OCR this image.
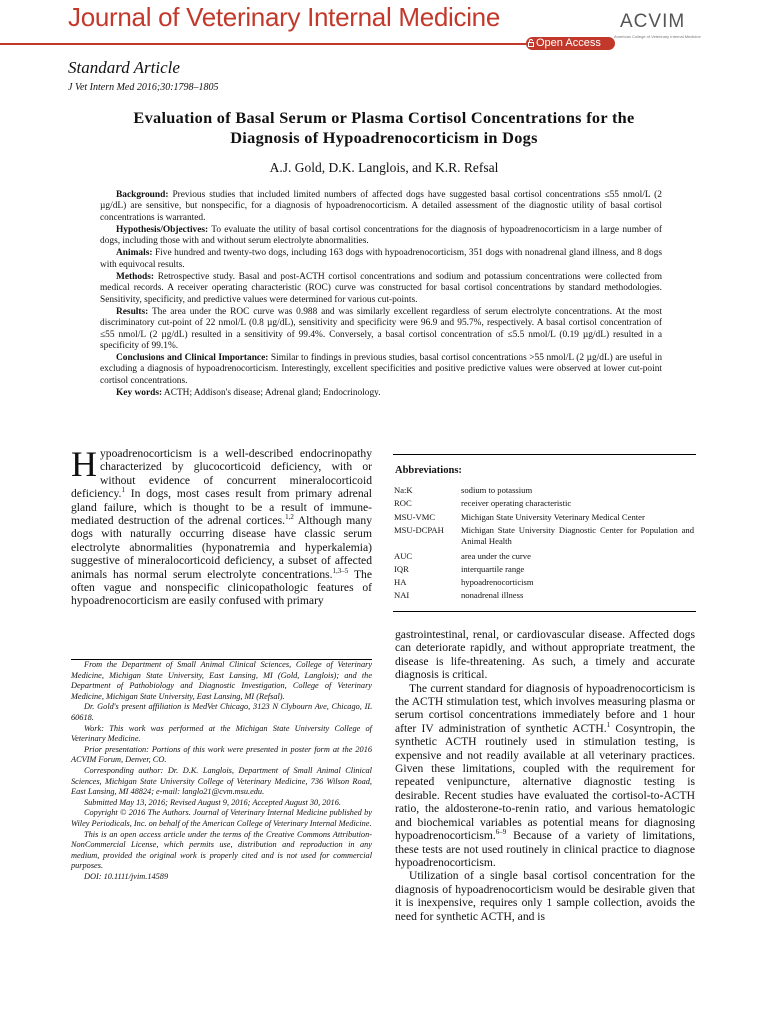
Journal of Veterinary Internal Medicine	ACVIM
American College of Veterinary Internal Medicine
Open Access
Standard Article
J Vet Intern Med 2016;30:1798–1805
Evaluation of Basal Serum or Plasma Cortisol Concentrations for the
Diagnosis of Hypoadrenocorticism in Dogs
A.J. Gold, D.K. Langlois, and K.R. Refsal

Background: Previous studies that included limited numbers of affected dogs have suggested basal cortisol concentrations ≤55 nmol/L (2 µg/dL) are sensitive, but nonspecific, for a diagnosis of hypoadrenocorticism. A detailed assessment of the diagnostic utility of basal cortisol concentrations is warranted.

Hypothesis/Objectives: To evaluate the utility of basal cortisol concentrations for the diagnosis of hypoadrenocorticism in a large number of dogs, including those with and without serum electrolyte abnormalities.

Animals: Five hundred and twenty-two dogs, including 163 dogs with hypoadrenocorticism, 351 dogs with nonadrenal gland illness, and 8 dogs with equivocal results.

Methods: Retrospective study. Basal and post-ACTH cortisol concentrations and sodium and potassium concentrations were collected from medical records. A receiver operating characteristic (ROC) curve was constructed for basal cortisol concentrations by standard methodologies. Sensitivity, specificity, and predictive values were determined for various cut-points.

Results: The area under the ROC curve was 0.988 and was similarly excellent regardless of serum electrolyte concentrations. At the most discriminatory cut-point of 22 nmol/L (0.8 µg/dL), sensitivity and specificity were 96.9 and 95.7%, respectively. A basal cortisol concentration of ≤55 nmol/L (2 µg/dL) resulted in a sensitivity of 99.4%. Conversely, a basal cortisol concentration of ≤5.5 nmol/L (0.19 µg/dL) resulted in a specificity of 99.1%.

Conclusions and Clinical Importance: Similar to findings in previous studies, basal cortisol concentrations >55 nmol/L (2 µg/dL) are useful in excluding a diagnosis of hypoadrenocorticism. Interestingly, excellent specificities and positive predictive values were observed at lower cut-point cortisol concentrations.

Key words: ACTH; Addison's disease; Adrenal gland; Endocrinology.

Hypoadrenocorticism is a well-described endocrinopathy characterized by glucocorticoid deficiency, with or without evidence of concurrent mineralocorticoid deficiency.$^1$ In dogs, most cases result from primary adrenal gland failure, which is thought to be a result of immune-mediated destruction of the adrenal cortices.$^{1,2}$ Although many dogs with naturally occurring disease have classic serum electrolyte abnormalities (hyponatremia and hyperkalemia) suggestive of mineralocorticoid deficiency, a subset of affected animals has normal serum electrolyte concentrations.$^{1,3-5}$ The often vague and nonspecific clinicopathologic features of hypoadrenocorticism are easily confused with primary

From the Department of Small Animal Clinical Sciences, College of Veterinary Medicine, Michigan State University, East Lansing, MI (Gold, Langlois); and the Department of Pathobiology and Diagnostic Investigation, College of Veterinary Medicine, Michigan State University, East Lansing, MI (Refsal).

Dr. Gold's present affiliation is MedVet Chicago, 3123 N Clybourn Ave, Chicago, IL 60618.

Work: This work was performed at the Michigan State University College of Veterinary Medicine.

Prior presentation: Portions of this work were presented in poster form at the 2016 ACVIM Forum, Denver, CO.

Corresponding author: Dr. D.K. Langlois, Department of Small Animal Clinical Sciences, Michigan State University College of Veterinary Medicine, 736 Wilson Road, East Lansing, MI 48824; e-mail: langlo21@cvm.msu.edu.

Submitted May 13, 2016; Revised August 9, 2016; Accepted August 30, 2016.

Copyright © 2016 The Authors. Journal of Veterinary Internal Medicine published by Wiley Periodicals, Inc. on behalf of the American College of Veterinary Internal Medicine.

This is an open access article under the terms of the Creative Commons Attribution-NonCommercial License, which permits use, distribution and reproduction in any medium, provided the original work is properly cited and is not used for commercial purposes.

DOI: 10.1111/jvim.14589

Abbreviations:
Na:K	sodium to potassium
ROC	receiver operating characteristic
MSU-VMC	Michigan State University Veterinary Medical Center
MSU-DCPAH Michigan State University Diagnostic Center for Population and Animal Health
AUC	area under the curve
IQR	interquartile range
HA	hypoadrenocorticism
NAI	nonadrenal illness

gastrointestinal, renal, or cardiovascular disease. Affected dogs can deteriorate rapidly, and without appropriate treatment, the disease is life-threatening. As such, a timely and accurate diagnosis is critical.

The current standard for diagnosis of hypoadrenocorticism is the ACTH stimulation test, which involves measuring plasma or serum cortisol concentrations immediately before and 1 hour after IV administration of synthetic ACTH.$^1$ Cosyntropin, the synthetic ACTH routinely used in stimulation testing, is expensive and not readily available at all veterinary practices. Given these limitations, coupled with the requirement for repeated venipuncture, alternative diagnostic testing is desirable. Recent studies have evaluated the cortisol-to-ACTH ratio, the aldosterone-to-renin ratio, and various hematologic and biochemical variables as potential means for diagnosing hypoadrenocorticism.$^{6-9}$ Because of a variety of limitations, these tests are not used routinely in clinical practice to diagnose hypoadrenocorticism.

Utilization of a single basal cortisol concentration for the diagnosis of hypoadrenocorticism would be desirable given that it is inexpensive, requires only 1 sample collection, avoids the need for synthetic ACTH, and is
